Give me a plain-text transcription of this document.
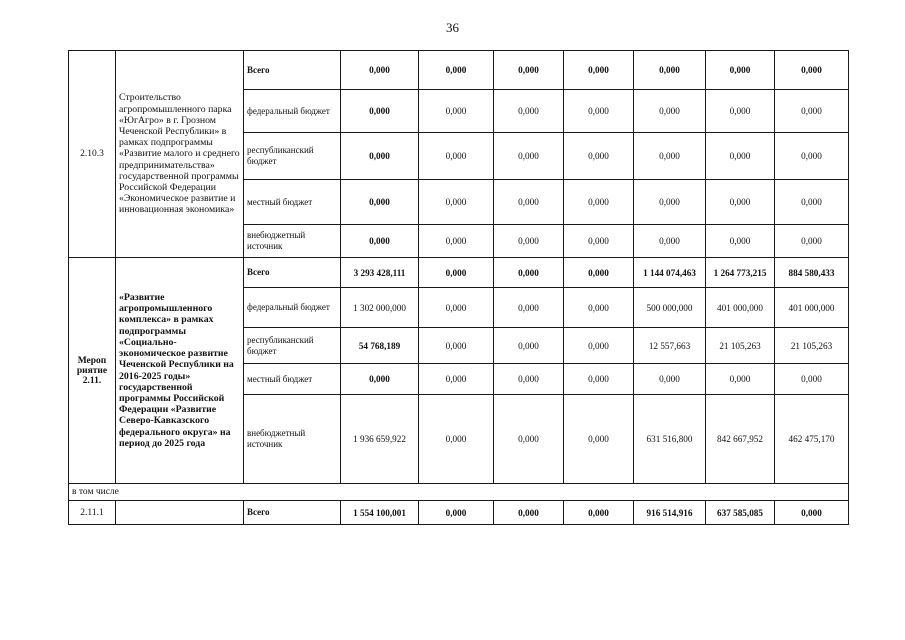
36
2.10.3	Строительство агропромышленного парка «ЮгАгро» в г. Грозном Чеченской Республики» в рамках подпрограммы «Развитие малого и среднего предпринимательства» государственной программы Российской Федерации «Экономическое развитие и инновационная экономика»	Всего	0,000	0,000	0,000	0,000	0,000	0,000	0,000
		федеральный бюджет	0,000	0,000	0,000	0,000	0,000	0,000	0,000
		республиканский бюджет	0,000	0,000	0,000	0,000	0,000	0,000	0,000
		местный бюджет	0,000	0,000	0,000	0,000	0,000	0,000	0,000
		внебюджетный источник	0,000	0,000	0,000	0,000	0,000	0,000	0,000
Мероп риятие 2.11.	«Развитие агропромышленного комплекса» в рамках подпрограммы «Социально-экономическое развитие Чеченской Республики на 2016-2025 годы» государственной программы Российской Федерации «Развитие Северо-Кавказского федерального округа» на период до 2025 года	Всего	3 293 428,111	0,000	0,000	0,000	1 144 074,463	1 264 773,215	884 580,433
		федеральный бюджет	1 302 000,000	0,000	0,000	0,000	500 000,000	401 000,000	401 000,000
		республиканский бюджет	54 768,189	0,000	0,000	0,000	12 557,663	21 105,263	21 105,263
		местный бюджет	0,000	0,000	0,000	0,000	0,000	0,000	0,000
		внебюджетный источник	1 936 659,922	0,000	0,000	0,000	631 516,800	842 667,952	462 475,170
в том числе									
2.11.1		Всего	1 554 100,001	0,000	0,000	0,000	916 514,916	637 585,085	0,000
